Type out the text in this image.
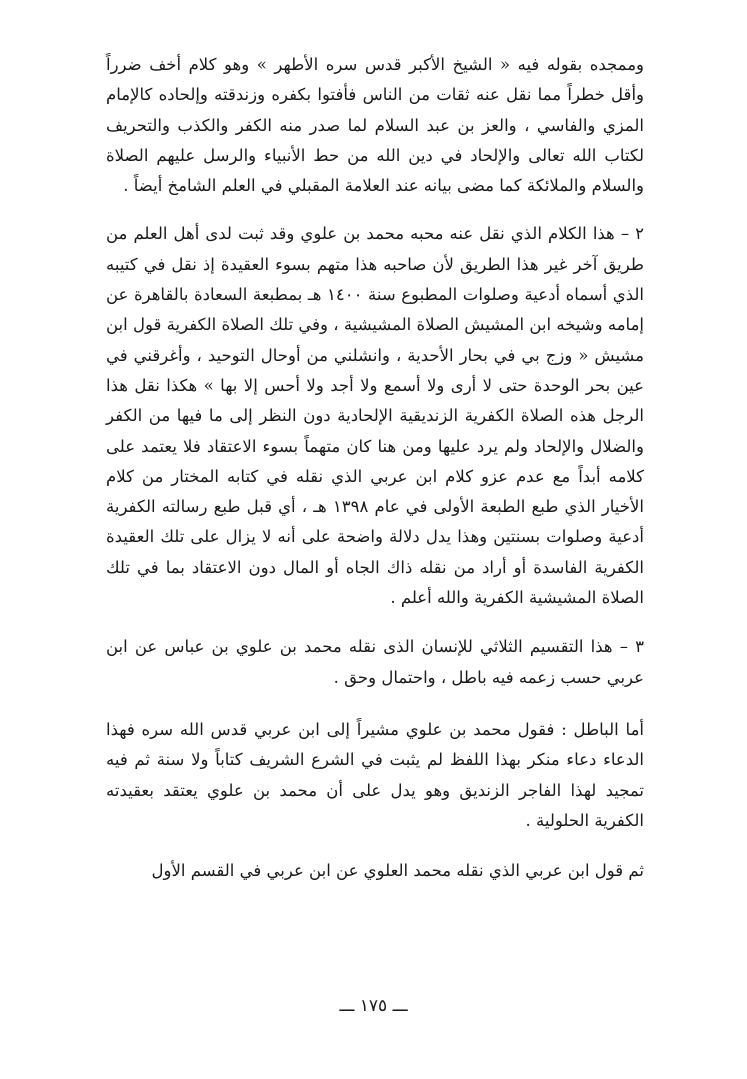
وممجده بقوله فيه « الشيخ الأكبر قدس سره الأطهر » وهو كلام أخف ضرراً وأقل خطراً مما نقل عنه ثقات من الناس فأفتوا بكفره وزندقته وإلحاده كالإمام المزي والفاسي ، والعز بن عبد السلام لما صدر منه الكفر والكذب والتحريف لكتاب الله تعالى والإلحاد في دين الله من حط الأنبياء والرسل عليهم الصلاة والسلام والملائكة كما مضى بيانه عند العلامة المقبلي في العلم الشامخ أيضاً .

٢ – هذا الكلام الذي نقل عنه محبه محمد بن علوي وقد ثبت لدى أهل العلم من طريق آخر غير هذا الطريق لأن صاحبه هذا متهم بسوء العقيدة إذ نقل في كتيبه الذي أسماه أدعية وصلوات المطبوع سنة ١٤٠٠ هـ بمطبعة السعادة بالقاهرة عن إمامه وشيخه ابن المشيش الصلاة المشيشية ، وفي تلك الصلاة الكفرية قول ابن مشيش « وزج بي في بحار الأحدية ، وانشلني من أوحال التوحيد ، وأغرقني في عين بحر الوحدة حتى لا أرى ولا أسمع ولا أجد ولا أحس إلا بها » هكذا نقل هذا الرجل هذه الصلاة الكفرية الزنديقية الإلحادية دون النظر إلى ما فيها من الكفر والضلال والإلحاد ولم يرد عليها ومن هنا كان متهماً بسوء الاعتقاد فلا يعتمد على كلامه أبداً مع عدم عزو كلام ابن عربي الذي نقله في كتابه المختار من كلام الأخيار الذي طبع الطبعة الأولى في عام ١٣٩٨ هـ ، أي قبل طبع رسالته الكفرية أدعية وصلوات بسنتين وهذا يدل دلالة واضحة على أنه لا يزال على تلك العقيدة الكفرية الفاسدة أو أراد من نقله ذاك الجاه أو المال دون الاعتقاد بما في تلك الصلاة المشيشية الكفرية والله أعلم .

٣ – هذا التقسيم الثلاثي للإنسان الذى نقله محمد بن علوي بن عباس عن ابن عربي حسب زعمه فيه باطل ، واحتمال وحق .

أما الباطل : فقول محمد بن علوي مشيراً إلى ابن عربي قدس الله سره فهذا الدعاء دعاء منكر بهذا اللفظ لم يثبت في الشرع الشريف كتاباً ولا سنة ثم فيه تمجيد لهذا الفاجر الزنديق وهو يدل على أن محمد بن علوي يعتقد بعقيدته الكفرية الحلولية .

ثم قول ابن عربي الذي نقله محمد العلوي عن ابن عربي في القسم الأول

ـــ ١٧٥ ـــ
